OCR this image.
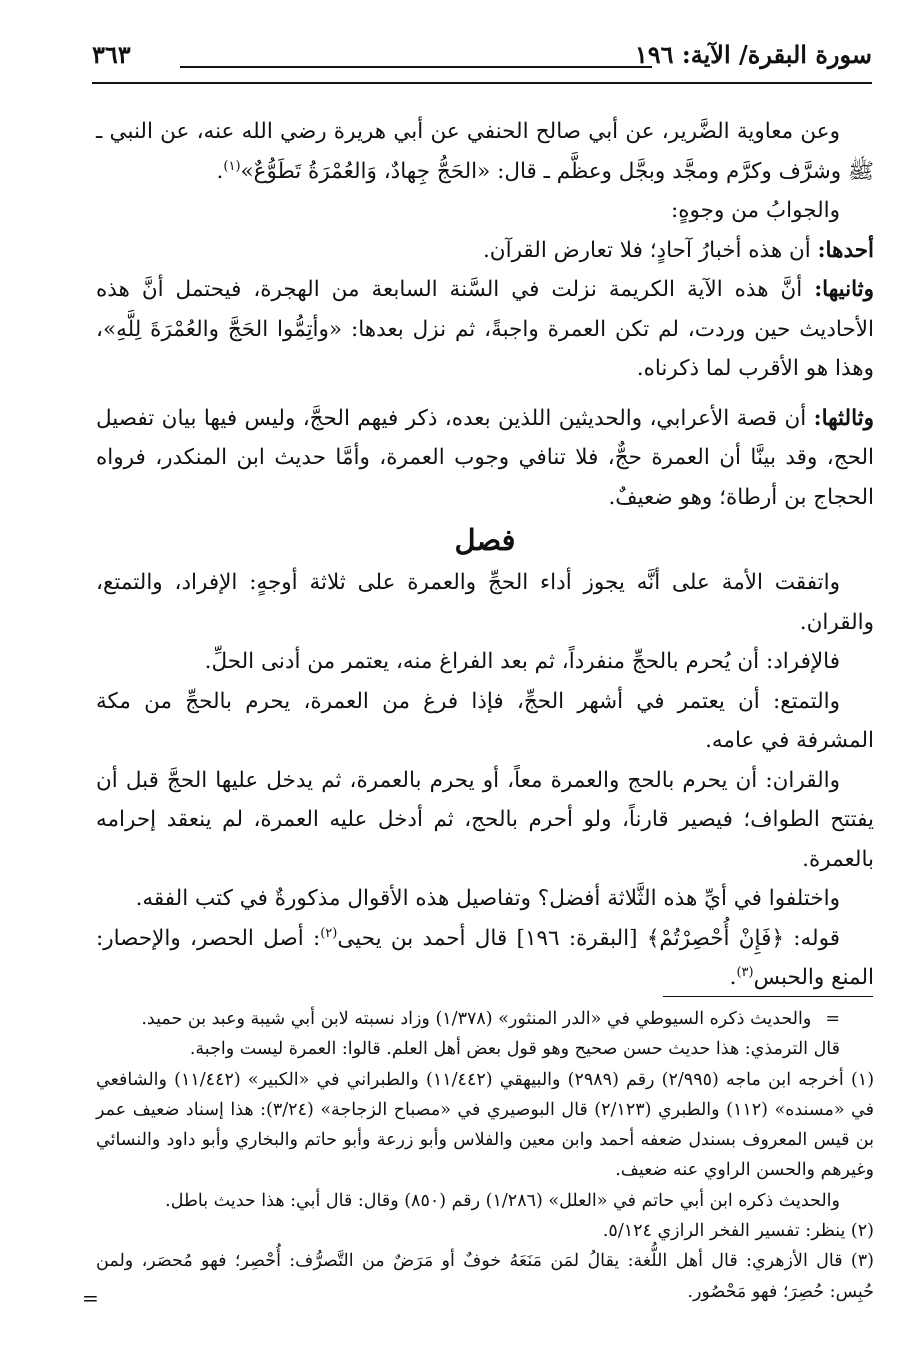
سورة البقرة/ الآية: ١٩٦
٣٦٣

وعن معاوية الضَّرير، عن أبي صالح الحنفي عن أبي هريرة رضي الله عنه، عن النبي ـ ﷺ وشرَّف وكرَّم ومجَّد وبجَّل وعظَّم ـ قال: «الحَجُّ جِهادٌ، وَالعُمْرَةُ تَطَوُّعٌ»$^{(١)}$.

والجوابُ من وجوهٍ:

أحدها: أن هذه أخبارُ آحادٍ؛ فلا تعارض القرآن.

وثانيها: أنَّ هذه الآية الكريمة نزلت في السَّنة السابعة من الهجرة، فيحتمل أنَّ هذه الأحاديث حين وردت، لم تكن العمرة واجبةً، ثم نزل بعدها: «وأتِمُّوا الحَجَّ والعُمْرَةَ لِلَّهِ»، وهذا هو الأقرب لما ذكرناه.

وثالثها: أن قصة الأعرابي، والحديثين اللذين بعده، ذكر فيهم الحجَّ، وليس فيها بيان تفصيل الحج، وقد بينَّا أن العمرة حجٌّ، فلا تنافي وجوب العمرة، وأمَّا حديث ابن المنكدر، فرواه الحجاج بن أرطاة؛ وهو ضعيفٌ.

فصل

واتفقت الأمة على أنَّه يجوز أداء الحجِّ والعمرة على ثلاثة أوجهٍ: الإفراد، والتمتع، والقران.

فالإفراد: أن يُحرم بالحجِّ منفرداً، ثم بعد الفراغ منه، يعتمر من أدنى الحلِّ.

والتمتع: أن يعتمر في أشهر الحجِّ، فإذا فرغ من العمرة، يحرم بالحجِّ من مكة المشرفة في عامه.

والقران: أن يحرم بالحج والعمرة معاً، أو يحرم بالعمرة، ثم يدخل عليها الحجَّ قبل أن يفتتح الطواف؛ فيصير قارناً، ولو أحرم بالحج، ثم أدخل عليه العمرة، لم ينعقد إحرامه بالعمرة.

واختلفوا في أيِّ هذه الثَّلاثة أفضل؟ وتفاصيل هذه الأقوال مذكورةٌ في كتب الفقه.

قوله: ﴿فَإِنْ أُحْصِرْتُمْ﴾ [البقرة: ١٩٦] قال أحمد بن يحيى$^{(٢)}$: أصل الحصر، والإحصار: المنع والحبس$^{(٣)}$.

=والحديث ذكره السيوطي في «الدر المنثور» (١/٣٧٨) وزاد نسبته لابن أبي شيبة وعبد بن حميد.

قال الترمذي: هذا حديث حسن صحيح وهو قول بعض أهل العلم. قالوا: العمرة ليست واجبة.

(١) أخرجه ابن ماجه (٢/٩٩٥) رقم (٢٩٨٩) والبيهقي (١١/٤٤٢) والطبراني في «الكبير» (١١/٤٤٢) والشافعي في «مسنده» (١١٢) والطبري (٢/١٢٣) قال البوصيري في «مصباح الزجاجة» (٣/٢٤): هذا إسناد ضعيف عمر بن قيس المعروف بسندل ضعفه أحمد وابن معين والفلاس وأبو زرعة وأبو حاتم والبخاري وأبو داود والنسائي وغيرهم والحسن الراوي عنه ضعيف.

والحديث ذكره ابن أبي حاتم في «العلل» (١/٢٨٦) رقم (٨٥٠) وقال: قال أبي: هذا حديث باطل.

(٢) ينظر: تفسير الفخر الرازي ٥/١٢٤.

(٣) قال الأزهري: قال أهل اللُّغة: يقالُ لمَن مَنَعَهُ خوفٌ أو مَرَضٌ من التَّصرُّف: أُحْصِر؛ فهو مُحصَر، ولمن حُبِس: حُصِرَ؛ فهو مَحْصُور.

=
